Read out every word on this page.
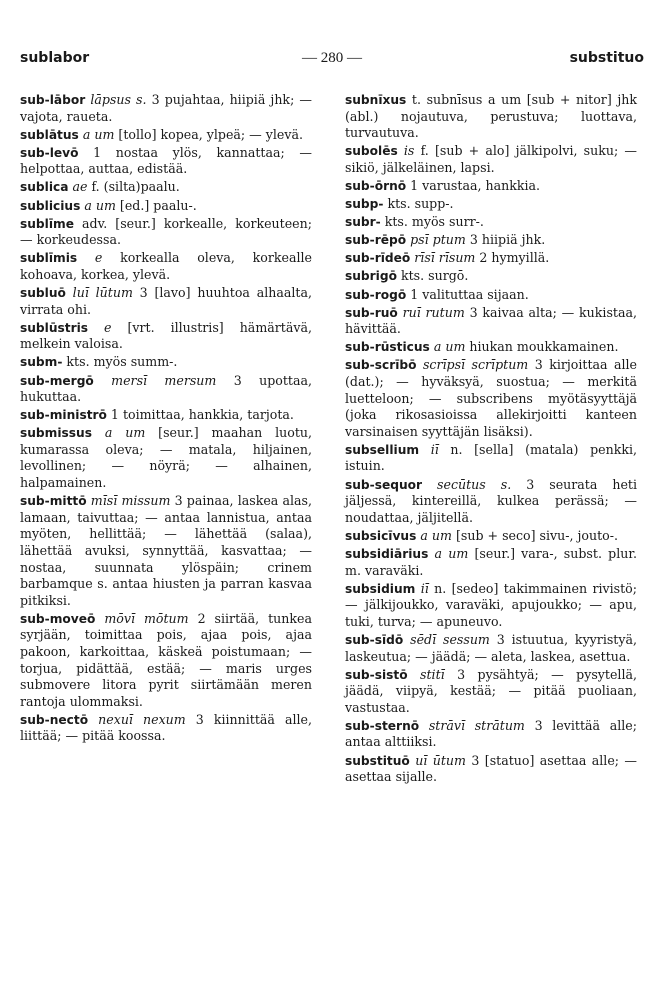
sublabor	— 280 —	substituo

sub-lābor lāpsus s. 3 pujahtaa, hiipiä jhk; — vajota, raueta.

sublātus a um [tollo] kopea, ylpeä; — ylevä.

sub-levō 1 nostaa ylös, kannattaa; — helpottaa, auttaa, edistää.

sublica ae f. (silta)paalu.

sublicius a um [ed.] paalu-.

sublīme adv. [seur.] korkealle, korkeuteen; — korkeudessa.

sublīmis e korkealla oleva, korkealle kohoava, korkea, ylevä.

subluō luī lūtum 3 [lavo] huuhtoa alhaalta, virrata ohi.

sublūstris e [vrt. illustris] hämärtävä, melkein valoisa.

subm- kts. myös summ-.

sub-mergō mersī mersum 3 upottaa, hukuttaa.

sub-ministrō 1 toimittaa, hankkia, tarjota.

submissus a um [seur.] maahan luotu, kumarassa oleva; — matala, hiljainen, levollinen; — nöyrä; — alhainen, halpamainen.

sub-mittō mīsī missum 3 painaa, laskea alas, lamaan, taivuttaa; — antaa lannistua, antaa myöten, hellittää; — lähettää (salaa), lähettää avuksi, synnyttää, kasvattaa; — nostaa, suunnata ylöspäin; crinem barbamque s. antaa hiusten ja parran kasvaa pitkiksi.

sub-moveō mōvī mōtum 2 siirtää, tunkea syrjään, toimittaa pois, ajaa pois, ajaa pakoon, karkoittaa, käskeä poistumaan; — torjua, pidättää, estää; — maris urges submovere litora pyrit siirtämään meren rantoja ulommaksi.

sub-nectō nexuī nexum 3 kiinnittää alle, liittää; — pitää koossa.

subnīxus t. subnīsus a um [sub + nitor] jhk (abl.) nojautuva, perustuva; luottava, turvautuva.

subolēs is f. [sub + alo] jälkipolvi, suku; — sikiö, jälkeläinen, lapsi.

sub-ōrnō 1 varustaa, hankkia.

subp- kts. supp-.

subr- kts. myös surr-.

sub-rēpō psī ptum 3 hiipiä jhk.

sub-rīdeō rīsī rīsum 2 hymyillä.

subrigō kts. surgō.

sub-rogō 1 valituttaa sijaan.

sub-ruō ruī rutum 3 kaivaa alta; — kukistaa, hävittää.

sub-rūsticus a um hiukan moukkamainen.

sub-scrībō scrīpsī scrīptum 3 kirjoittaa alle (dat.); — hyväksyä, suostua; — merkitä luetteloon; — subscribens myötäsyyttäjä (joka rikosasioissa allekirjoitti kanteen varsinaisen syyttäjän lisäksi).

subsellium iī n. [sella] (matala) penkki, istuin.

sub-sequor secūtus s. 3 seurata heti jäljessä, kintereillä, kulkea perässä; — noudattaa, jäljitellä.

subsicīvus a um [sub + seco] sivu-, jouto-.

subsidiārius a um [seur.] vara-, subst. plur. m. varaväki.

subsidium iī n. [sedeo] takimmainen rivistö; — jälkijoukko, varaväki, apujoukko; — apu, tuki, turva; — apuneuvo.

sub-sīdō sēdī sessum 3 istuutua, kyyristyä, laskeutua; — jäädä; — aleta, laskea, asettua.

sub-sistō stitī 3 pysähtyä; — pysytellä, jäädä, viipyä, kestää; — pitää puoliaan, vastustaa.

sub-sternō strāvī strātum 3 levittää alle; antaa alttiiksi.

substituō uī ūtum 3 [statuo] asettaa alle; — asettaa sijalle.
